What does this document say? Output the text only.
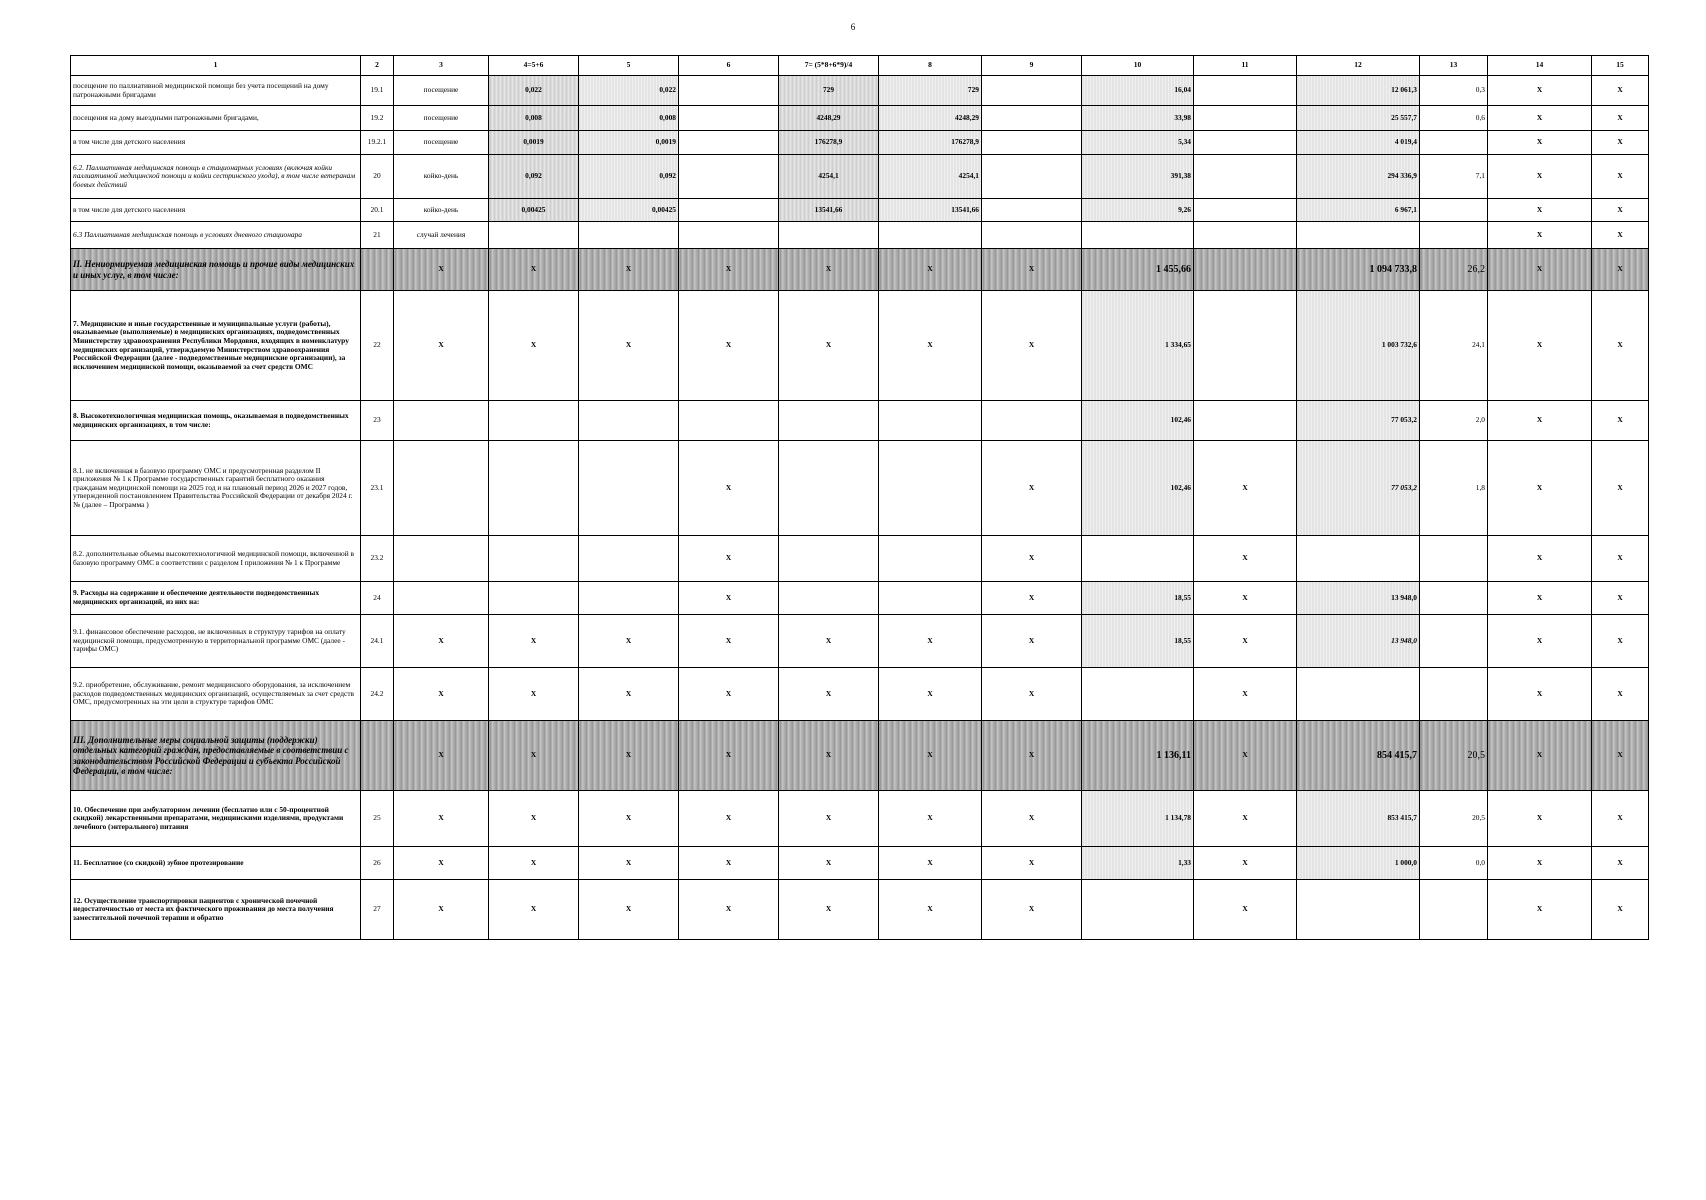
6
1	2	3	4=5+6	5	6	7= (5*8+6*9)/4	8	9	10	11	12	13	14	15
посещение по паллиативной медицинской помощи без учета посещений на дому патронажными бригадами	19.1	посещение	0,022	0,022		729	729		16,04		12 061,3	0,3	X	X
посещения на дому выездными патронажными бригадами,	19.2	посещение	0,008	0,008		4248,29	4248,29		33,98		25 557,7	0,6	X	X
в том числе для детского населения	19.2.1	посещение	0,0019	0,0019		176278,9	176278,9		5,34		4 019,4		X	X
6.2. Паллиативная медицинская помощь в стационарных условиях (включая койки паллиативной медицинской помощи и койки сестринского ухода), в том числе ветеранам боевых действий	20	койко-день	0,092	0,092		4254,1	4254,1		391,38		294 336,9	7,1	X	X
в том числе для детского населения	20.1	койко-день	0,00425	0,00425		13541,66	13541,66		9,26		6 967,1		X	X
6.3 Паллиативная медицинская помощь в условиях дневного стационара	21	случай лечения											X	X
II. Нениормируемая медицинская помощь и прочие виды медицинских и иных услуг, в том числе:		X	X	X	X	X	X	X	1 455,66		1 094 733,8	26,2	X	X
7. Медицинские и иные государственные и муниципальные услуги (работы), оказываемые (выполняемые) в медицинских организациях, подведомственных Министерству здравоохранения Республики Мордовия, входящих в номенклатуру медицинских организаций, утверждаемую Министерством здравоохранения Российской Федерации (далее - подведомственные медицинские организации), за исключением медицинской помощи, оказываемой за счет средств ОМС	22	X	X	X	X	X	X	X	1 334,65		1 003 732,6	24,1	X	X
8. Высокотехнологичная медицинская помощь, оказываемая в подведомственных медицинских организациях, в том числе:	23								102,46		77 053,2	2,0	X	X
8.1. не включенная в базовую программу ОМС и предусмотренная разделом II приложения № 1 к Программе государственных гарантий бесплатного оказания гражданам медицинской помощи на 2025 год и на плановый период 2026 и 2027 годов, утвержденной постановлением Правительства Российской Федерации от декабря 2024 г. № (далее – Программа )	23.1				X			X	102,46	X	77 053,2	1,8	X	X
8.2. дополнительные объемы высокотехнологичной медицинской помощи, включенной в базовую программу ОМС в соответствии с разделом I приложения № 1 к Программе	23.2				X			X		X			X	X
9. Расходы на содержание и обеспечение деятельности подведомственных медицинских организаций, из них на:	24				X			X	18,55	X	13 948,0		X	X
9.1. финансовое обеспечение расходов, не включенных в структуру тарифов на оплату медицинской помощи, предусмотренную в территориальной программе ОМС (далее - тарифы ОМС)	24.1	X	X	X	X	X	X	X	18,55	X	13 948,0		X	X
9.2. приобретение, обслуживание, ремонт медицинского оборудования, за исключением расходов подведомственных медицинских организаций, осуществляемых за счет средств ОМС, предусмотренных на эти цели в структуре тарифов ОМС	24.2	X	X	X	X	X	X	X		X			X	X
III. Дополнительные меры социальной защиты (поддержки) отдельных категорий граждан, предоставляемые в соответствии с законодательством Российской Федерации и субъекта Российской Федерации, в том числе:		X	X	X	X	X	X	X	1 136,11	X	854 415,7	20,5	X	X
10. Обеспечение при амбулаторном лечении (бесплатно или с 50-процентной скидкой) лекарственными препаратами, медицинскими изделиями, продуктами лечебного (энтерального) питания	25	X	X	X	X	X	X	X	1 134,78	X	853 415,7	20,5	X	X
11. Бесплатное (со скидкой) зубное протезирование	26	X	X	X	X	X	X	X	1,33	X	1 000,0	0,0	X	X
12. Осуществление транспортировки пациентов с хронической почечной недостаточностью от места их фактического проживания до места получения заместительной почечной терапии и обратно	27	X	X	X	X	X	X	X		X			X	X
